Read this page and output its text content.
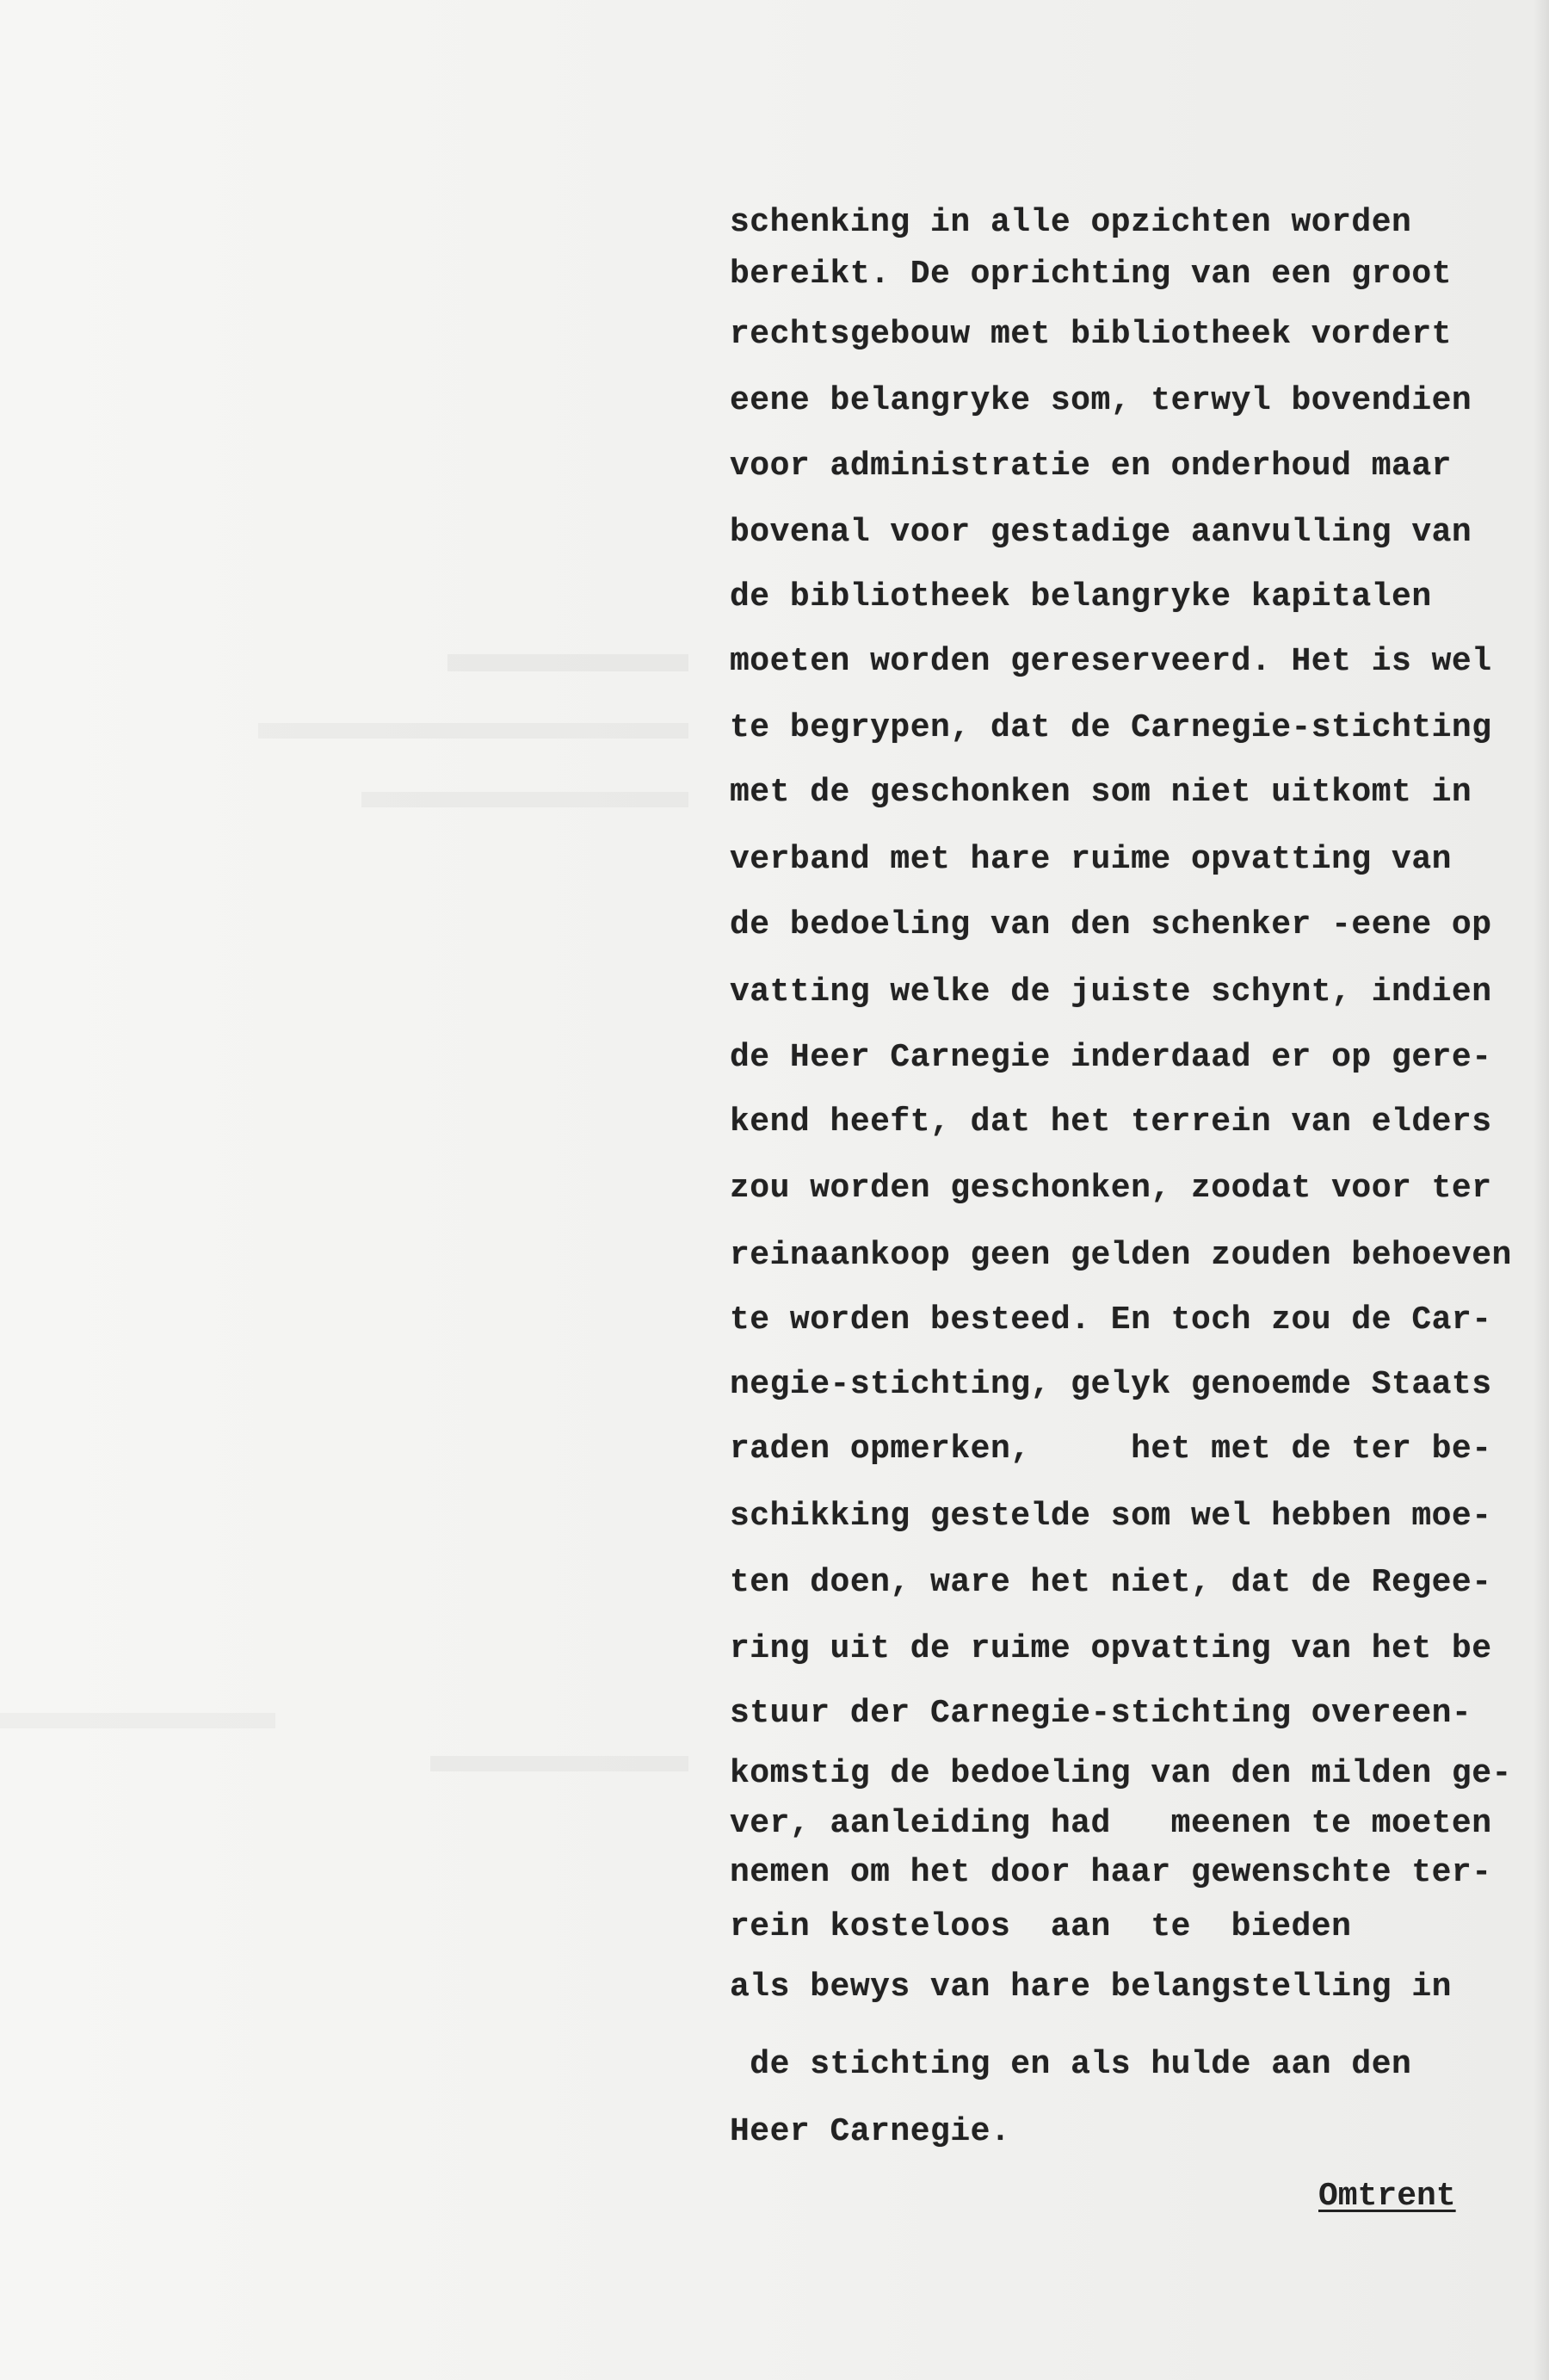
schenking in alle opzichten worden
bereikt. De oprichting van een groot
rechtsgebouw met bibliotheek vordert
eene belangryke som, terwyl bovendien
voor administratie en onderhoud maar
bovenal voor gestadige aanvulling van
de bibliotheek belangryke kapitalen
moeten worden gereserveerd. Het is wel
te begrypen, dat de Carnegie-stichting
met de geschonken som niet uitkomt in
verband met hare ruime opvatting van
de bedoeling van den schenker -eene op
vatting welke de juiste schynt, indien
de Heer Carnegie inderdaad er op gere-
kend heeft, dat het terrein van elders
zou worden geschonken, zoodat voor ter
reinaankoop geen gelden zouden behoeven
te worden besteed. En toch zou de Car-
negie-stichting, gelyk genoemde Staats
raden opmerken,     het met de ter be-
schikking gestelde som wel hebben moe-
ten doen, ware het niet, dat de Regee-
ring uit de ruime opvatting van het be
stuur der Carnegie-stichting overeen-
komstig de bedoeling van den milden ge-
ver, aanleiding had   meenen te moeten
nemen om het door haar gewenschte ter-
rein kosteloos  aan  te  bieden
als bewys van hare belangstelling in
de stichting en als hulde aan den
Heer Carnegie.
Omtrent
